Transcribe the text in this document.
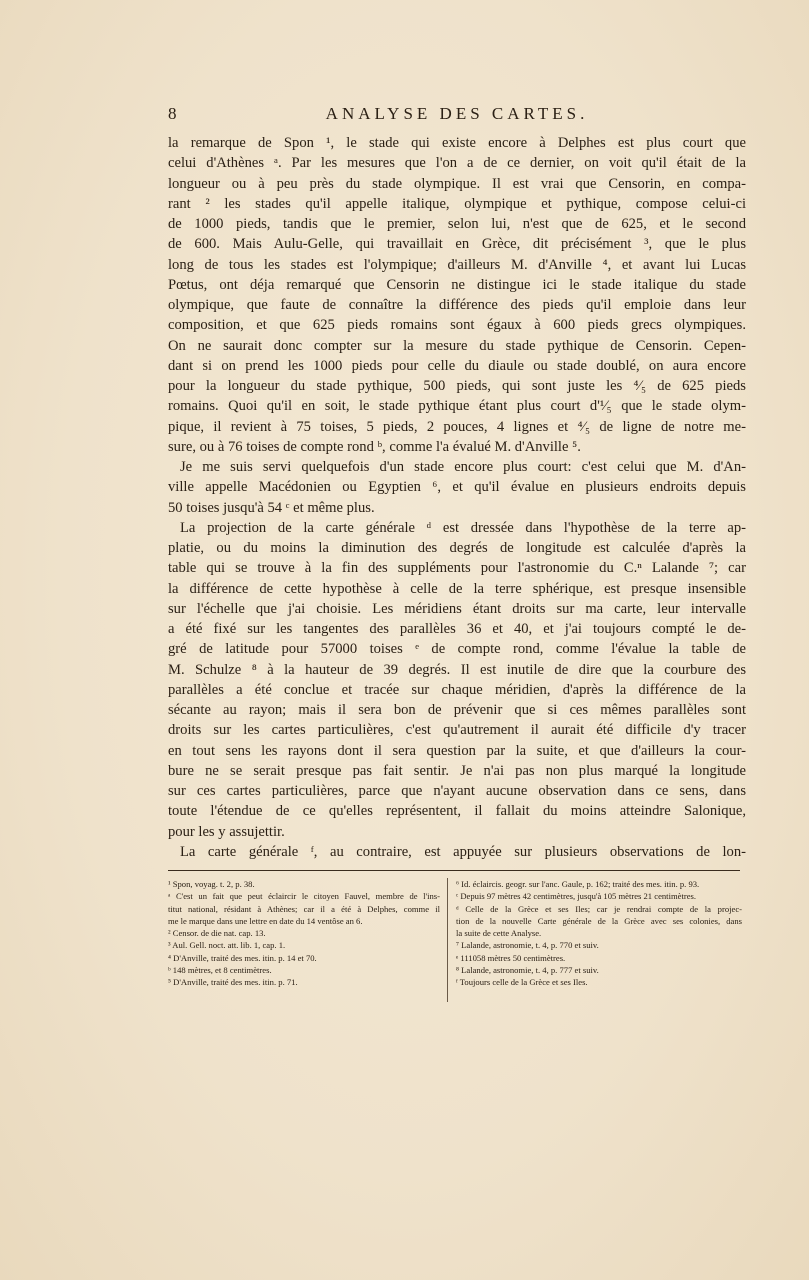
8	ANALYSE DES CARTES.

la remarque de Spon ¹, le stade qui existe encore à Delphes est plus court que

celui d'Athènes ᵃ. Par les mesures que l'on a de ce dernier, on voit qu'il était de la

longueur ou à peu près du stade olympique. Il est vrai que Censorin, en compa-

rant ² les stades qu'il appelle italique, olympique et pythique, compose celui-ci

de 1000 pieds, tandis que le premier, selon lui, n'est que de 625, et le second

de 600. Mais Aulu-Gelle, qui travaillait en Grèce, dit précisément ³, que le plus

long de tous les stades est l'olympique; d'ailleurs M. d'Anville ⁴, et avant lui Lucas

Pœtus, ont déja remarqué que Censorin ne distingue ici le stade italique du stade

olympique, que faute de connaître la différence des pieds qu'il emploie dans leur

composition, et que 625 pieds romains sont égaux à 600 pieds grecs olympiques.

On ne saurait donc compter sur la mesure du stade pythique de Censorin. Cepen-

dant si on prend les 1000 pieds pour celle du diaule ou stade doublé, on aura encore

pour la longueur du stade pythique, 500 pieds, qui sont juste les ⁴⁄₅ de 625 pieds

romains. Quoi qu'il en soit, le stade pythique étant plus court d'¹⁄₅ que le stade olym-

pique, il revient à 75 toises, 5 pieds, 2 pouces, 4 lignes et ⁴⁄₅ de ligne de notre me-

sure, ou à 76 toises de compte rond ᵇ, comme l'a évalué M. d'Anville ⁵.

Je me suis servi quelquefois d'un stade encore plus court: c'est celui que M. d'An-

ville appelle Macédonien ou Egyptien ⁶, et qu'il évalue en plusieurs endroits depuis

50 toises jusqu'à 54 ᶜ et même plus.

La projection de la carte générale ᵈ est dressée dans l'hypothèse de la terre ap-

platie, ou du moins la diminution des degrés de longitude est calculée d'après la

table qui se trouve à la fin des suppléments pour l'astronomie du C.ⁿ Lalande ⁷; car

la différence de cette hypothèse à celle de la terre sphérique, est presque insensible

sur l'échelle que j'ai choisie. Les méridiens étant droits sur ma carte, leur intervalle

a été fixé sur les tangentes des parallèles 36 et 40, et j'ai toujours compté le de-

gré de latitude pour 57000 toises ᵉ de compte rond, comme l'évalue la table de

M. Schulze ⁸ à la hauteur de 39 degrés. Il est inutile de dire que la courbure des

parallèles a été conclue et tracée sur chaque méridien, d'après la différence de la

sécante au rayon; mais il sera bon de prévenir que si ces mêmes parallèles sont

droits sur les cartes particulières, c'est qu'autrement il aurait été difficile d'y tracer

en tout sens les rayons dont il sera question par la suite, et que d'ailleurs la cour-

bure ne se serait presque pas fait sentir. Je n'ai pas non plus marqué la longitude

sur ces cartes particulières, parce que n'ayant aucune observation dans ce sens, dans

toute l'étendue de ce qu'elles représentent, il fallait du moins atteindre Salonique,

pour les y assujettir.

La carte générale ᶠ, au contraire, est appuyée sur plusieurs observations de lon-

¹ Spon, voyag. t. 2, p. 38.

ᵃ C'est un fait que peut éclaircir le citoyen Fauvel, membre de l'ins-

titut national, résidant à Athènes; car il a été à Delphes, comme il

me le marque dans une lettre en date du 14 ventôse an 6.

² Censor. de die nat. cap. 13.

³ Aul. Gell. noct. att. lib. 1, cap. 1.

⁴ D'Anville, traité des mes. itin. p. 14 et 70.

ᵇ 148 mètres, et 8 centimètres.

⁵ D'Anville, traité des mes. itin. p. 71.

⁶ Id. éclaircis. geogr. sur l'anc. Gaule, p. 162; traité des mes. itin. p. 93.

ᶜ Depuis 97 mètres 42 centimètres, jusqu'à 105 mètres 21 centimètres.

ᵈ Celle de la Grèce et ses Iles; car je rendrai compte de la projec-

tion de la nouvelle Carte générale de la Grèce avec ses colonies, dans

la suite de cette Analyse.

⁷ Lalande, astronomie, t. 4, p. 770 et suiv.

ᵉ 111058 mètres 50 centimètres.

⁸ Lalande, astronomie, t. 4, p. 777 et suiv.

ᶠ Toujours celle de la Grèce et ses Iles.
